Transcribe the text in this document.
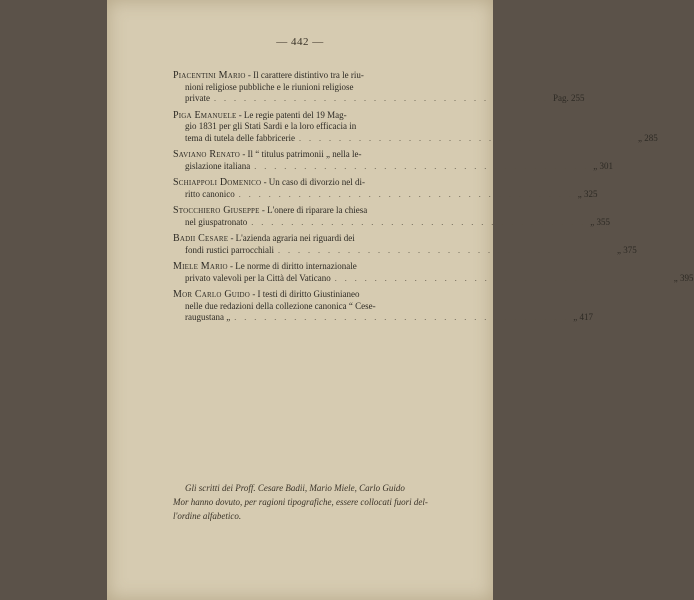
— 442 —
Piacentini Mario - Il carattere distintivo tra le riu-
nioni religiose pubbliche e le riunioni religiose
private . . . . . . . . . . . . . . . . . . . . . . . . . . . . . . . . . . Pag. 255
Piga Emanuele - Le regie patenti del 19 Mag-
gio 1831 per gli Stati Sardi e la loro efficacia in
tema di tutela delle fabbricerie . . . . . . . . . . . . . . . . . . . . . . . . . . . . . . . . . . „ 285
Saviano Renato - Il “ titulus patrimonii „ nella le-
gislazione italiana . . . . . . . . . . . . . . . . . . . . . . . . . . . . . . . . . . „ 301
Schiappoli Domenico - Un caso di divorzio nel di-
ritto canonico . . . . . . . . . . . . . . . . . . . . . . . . . . . . . . . . . . „ 325
Stocchiero Giuseppe - L'onere di riparare la chiesa
nel giuspatronato . . . . . . . . . . . . . . . . . . . . . . . . . . . . . . . . . . „ 355
Badii Cesare - L'azienda agraria nei riguardi dei
fondi rustici parrocchiali . . . . . . . . . . . . . . . . . . . . . . . . . . . . . . . . . . „ 375
Miele Mario - Le norme di diritto internazionale
privato valevoli per la Città del Vaticano . . . . . . . . . . . . . . . . . . . . . . . . . . . . . . . . . . „ 395
Mor Carlo Guido - I testi di diritto Giustinianeo
nelle due redazioni della collezione canonica “ Cese-
raugustana „ . . . . . . . . . . . . . . . . . . . . . . . . . . . . . . . . . . „ 417
Gli scritti dei Proff. Cesare Badii, Mario Miele, Carlo Guido
Mor hanno dovuto, per ragioni tipografiche, essere collocati fuori del-
l'ordine alfabetico.
